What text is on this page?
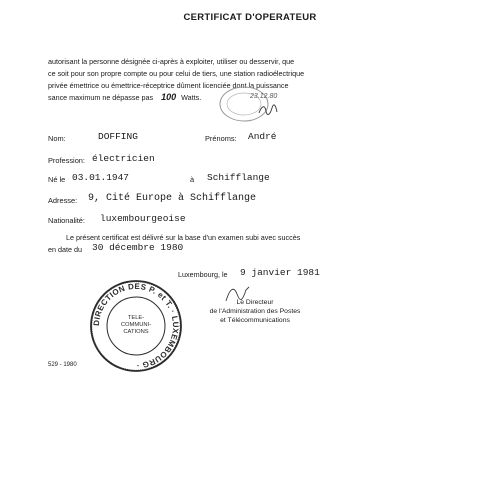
CERTIFICAT D'OPERATEUR
autorisant la personne désignée ci-après à exploiter, utiliser ou desservir, que
ce soit pour son propre compte ou pour celui de tiers, une station radioélectrique
privée émettrice ou émettrice-réceptrice dûment licenciée dont la puissance
sance maximum ne dépasse pas 100 Watts.	23.12.80
Nom:	DOFFING	Prénoms: André
Profession: électricien
Né le 03.01.1947	à Schifflange
Adresse: 9, Cité Europe à Schifflange
Nationalité: luxembourgeoise
Le présent certificat est délivré sur la base d'un examen subi avec succès
en date du 30 décembre 1980
Luxembourg, le 9 janvier 1981
DIRECTION DES P. et T. · LUXEMBOURG ·
TELE-
COMMUNI-
CATIONS
Le Directeur
de l'Administration des Postes
et Télécommunications
529 - 1980
